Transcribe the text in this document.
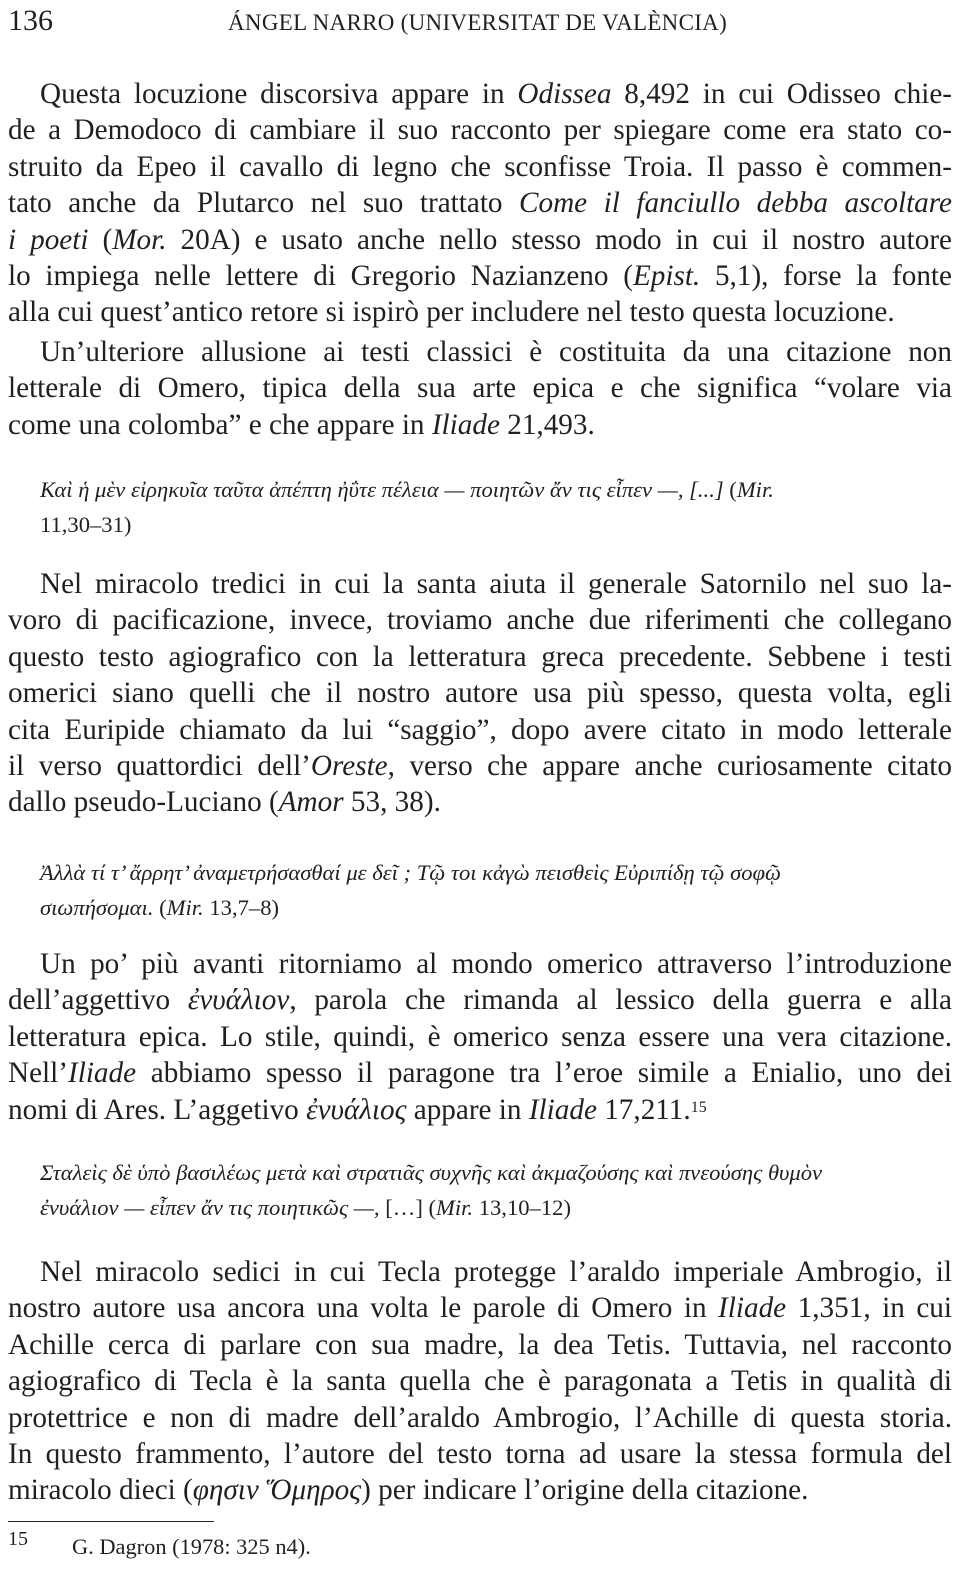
136	ÁNGEL NARRO (UNIVERSITAT DE VALÈNCIA)
Questa locuzione discorsiva appare in Odissea 8,492 in cui Odisseo chie-
de a Demodoco di cambiare il suo racconto per spiegare come era stato co-
struito da Epeo il cavallo di legno che sconfisse Troia. Il passo è commen-
tato anche da Plutarco nel suo trattato Come il fanciullo debba ascoltare
i poeti (Mor. 20A) e usato anche nello stesso modo in cui il nostro autore
lo impiega nelle lettere di Gregorio Nazianzeno (Epist. 5,1), forse la fonte
alla cui quest’antico retore si ispirò per includere nel testo questa locuzione.
Un’ulteriore allusione ai testi classici è costituita da una citazione non
letterale di Omero, tipica della sua arte epica e che significa “volare via
come una colomba” e che appare in Iliade 21,493.
Καὶ ἡ μὲν εἰρηκυῖα ταῦτα ἀπέπτη ἠΰτε πέλεια — ποιητῶν ἄν τις εἶπεν —, [...] (Mir.
11,30–31)
Nel miracolo tredici in cui la santa aiuta il generale Satornilo nel suo la-
voro di pacificazione, invece, troviamo anche due riferimenti che collegano
questo testo agiografico con la letteratura greca precedente. Sebbene i testi
omerici siano quelli che il nostro autore usa più spesso, questa volta, egli
cita Euripide chiamato da lui “saggio”, dopo avere citato in modo letterale
il verso quattordici dell’Oreste, verso che appare anche curiosamente citato
dallo pseudo-Luciano (Amor 53, 38).
Ἀλλὰ τί τ’ ἄρρητ’ ἀναμετρήσασθαί με δεῖ ; Τῷ τοι κἀγὼ πεισθεὶς Εὐριπίδῃ τῷ σοφῷ
σιωπήσομαι. (Mir. 13,7–8)
Un po’ più avanti ritorniamo al mondo omerico attraverso l’introduzione
dell’aggettivo ἐνυάλιον, parola che rimanda al lessico della guerra e alla
letteratura epica. Lo stile, quindi, è omerico senza essere una vera citazione.
Nell’Iliade abbiamo spesso il paragone tra l’eroe simile a Enialio, uno dei
nomi di Ares. L’aggetivo ἐνυάλιος appare in Iliade 17,211.15
Σταλεὶς δὲ ὑπὸ βασιλέως μετὰ καὶ στρατιᾶς συχνῆς καὶ ἀκμαζούσης καὶ πνεούσης θυμὸν
ἐνυάλιον — εἶπεν ἄν τις ποιητικῶς —, […] (Mir. 13,10–12)
Nel miracolo sedici in cui Tecla protegge l’araldo imperiale Ambrogio, il
nostro autore usa ancora una volta le parole di Omero in Iliade 1,351, in cui
Achille cerca di parlare con sua madre, la dea Tetis. Tuttavia, nel racconto
agiografico di Tecla è la santa quella che è paragonata a Tetis in qualità di
protettrice e non di madre dell’araldo Ambrogio, l’Achille di questa storia.
In questo frammento, l’autore del testo torna ad usare la stessa formula del
miracolo dieci (φησιν Ὅμηρος) per indicare l’origine della citazione.
15 G. Dagron (1978: 325 n4).
